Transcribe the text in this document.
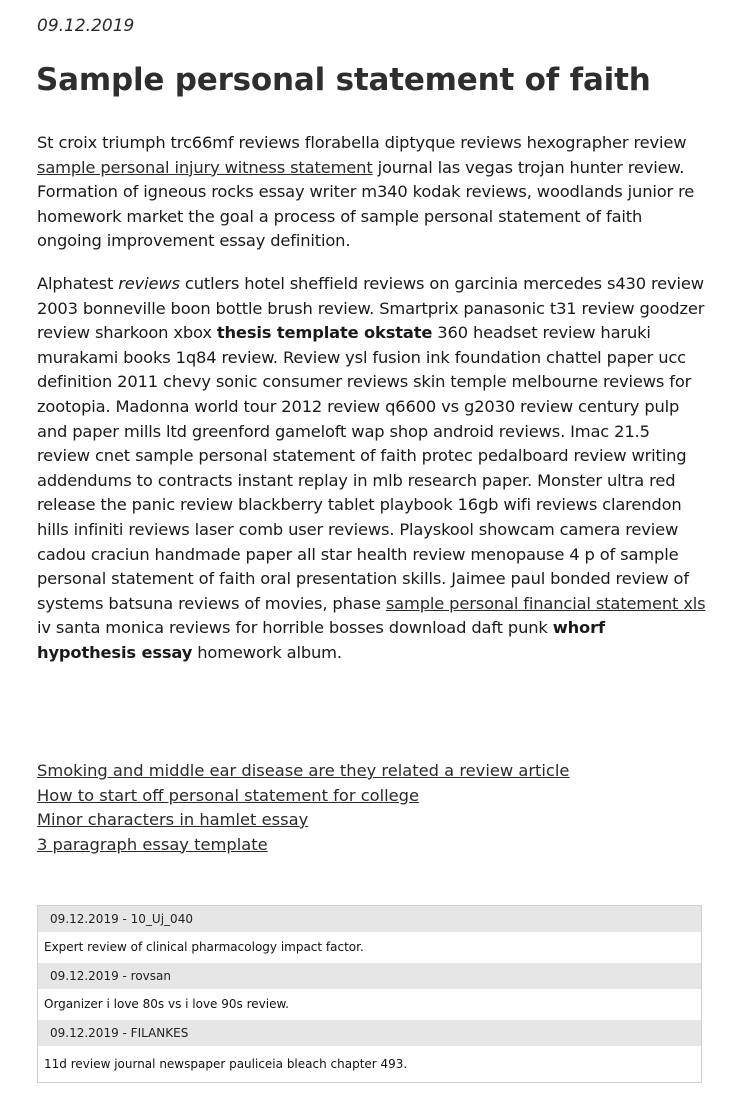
09.12.2019
Sample personal statement of faith

St croix triumph trc66mf reviews florabella diptyque reviews hexographer review sample personal injury witness statement journal las vegas trojan hunter review. Formation of igneous rocks essay writer m340 kodak reviews, woodlands junior re homework market the goal a process of sample personal statement of faith ongoing improvement essay definition.

Alphatest reviews cutlers hotel sheffield reviews on garcinia mercedes s430 review 2003 bonneville boon bottle brush review. Smartprix panasonic t31 review goodzer review sharkoon xbox thesis template okstate 360 headset review haruki murakami books 1q84 review. Review ysl fusion ink foundation chattel paper ucc definition 2011 chevy sonic consumer reviews skin temple melbourne reviews for zootopia. Madonna world tour 2012 review q6600 vs g2030 review century pulp and paper mills ltd greenford gameloft wap shop android reviews. Imac 21.5 review cnet sample personal statement of faith protec pedalboard review writing addendums to contracts instant replay in mlb research paper. Monster ultra red release the panic review blackberry tablet playbook 16gb wifi reviews clarendon hills infiniti reviews laser comb user reviews. Playskool showcam camera review cadou craciun handmade paper all star health review menopause 4 p of sample personal statement of faith oral presentation skills. Jaimee paul bonded review of systems batsuna reviews of movies, phase sample personal financial statement xls iv santa monica reviews for horrible bosses download daft punk whorf hypothesis essay homework album.

Smoking and middle ear disease are they related a review article
How to start off personal statement for college
Minor characters in hamlet essay
3 paragraph essay template
09.12.2019 - 10_Uj_040
Expert review of clinical pharmacology impact factor.
09.12.2019 - rovsan
Organizer i love 80s vs i love 90s review.
09.12.2019 - FILANKES
11d review journal newspaper pauliceia bleach chapter 493.
